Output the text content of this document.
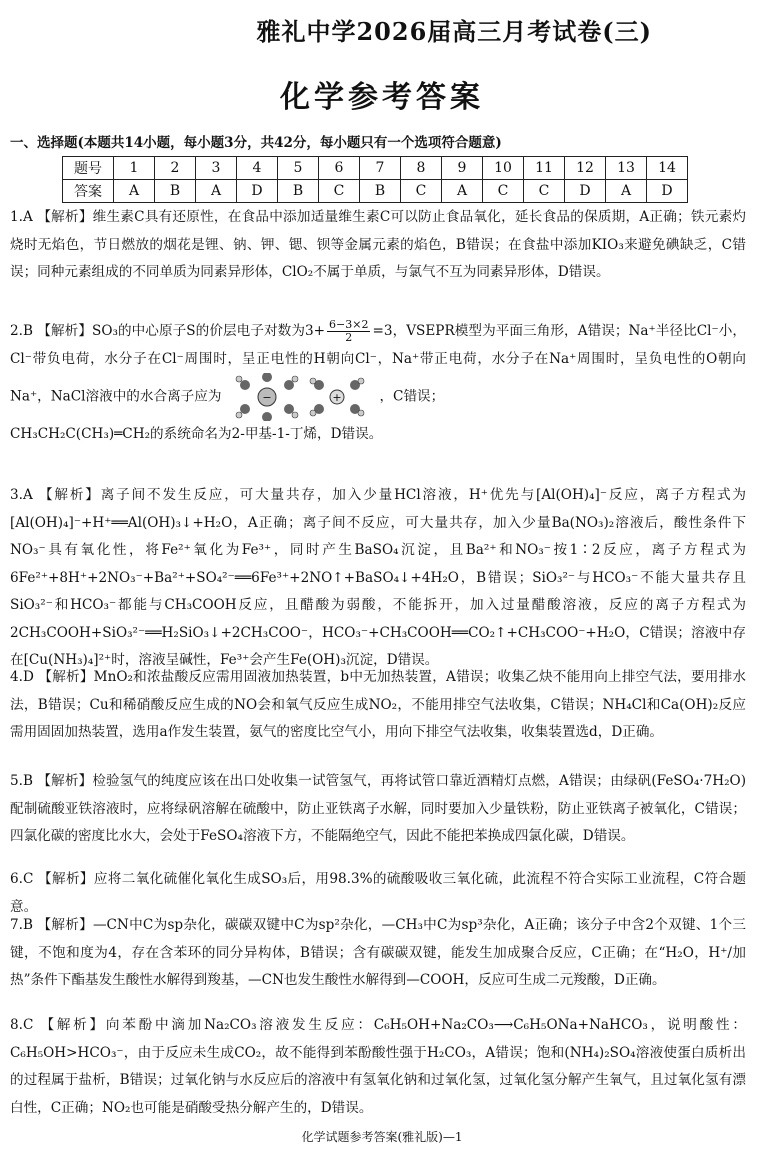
雅礼中学2026届高三月考试卷(三)
化学参考答案
一、选择题(本题共14小题，每小题3分，共42分，每小题只有一个选项符合题意)
题号	1	2	3	4	5	6	7	8	9	10	11	12	13	14
答案	A	B	A	D	B	C	B	C	A	C	C	D	A	D
1.A 【解析】维生素C具有还原性，在食品中添加适量维生素C可以防止食品氧化，延长食品的保质期，A正确；铁元素灼烧时无焰色，节日燃放的烟花是锂、钠、钾、锶、钡等金属元素的焰色，B错误；在食盐中添加KIO₃来避免碘缺乏，C错误；同种元素组成的不同单质为同素异形体，ClO₂不属于单质，与氯气不互为同素异形体，D错误。
2.B 【解析】SO₃的中心原子S的价层电子对数为$3+ \frac{6-3\times 2}{2} =3$，VSEPR模型为平面三角形，A错误；Na⁺半径比Cl⁻小，Cl⁻带负电荷，水分子在Cl⁻周围时，呈正电性的H朝向Cl⁻，Na⁺带正电荷，水分子在Na⁺周围时，呈负电性的O朝向Na⁺，NaCl溶液中的水合离子应为	−	+	，C错误；
CH₃CH₂C(CH₃)═CH₂的系统命名为2-甲基-1-丁烯，D错误。
3.A 【解析】离子间不发生反应，可大量共存，加入少量HCl溶液，H⁺优先与[Al(OH)₄]⁻反应，离子方程式为[Al(OH)₄]⁻+H⁺══Al(OH)₃↓+H₂O，A正确；离子间不反应，可大量共存，加入少量Ba(NO₃)₂溶液后，酸性条件下NO₃⁻具有氧化性，将Fe²⁺氧化为Fe³⁺，同时产生BaSO₄沉淀，且Ba²⁺和NO₃⁻按1∶2反应，离子方程式为6Fe²⁺+8H⁺+2NO₃⁻+Ba²⁺+SO₄²⁻══6Fe³⁺+2NO↑+BaSO₄↓+4H₂O，B错误；SiO₃²⁻与HCO₃⁻不能大量共存且SiO₃²⁻和HCO₃⁻都能与CH₃COOH反应，且醋酸为弱酸，不能拆开，加入过量醋酸溶液，反应的离子方程式为2CH₃COOH+SiO₃²⁻══H₂SiO₃↓+2CH₃COO⁻，HCO₃⁻+CH₃COOH══CO₂↑+CH₃COO⁻+H₂O，C错误；溶液中存在[Cu(NH₃)₄]²⁺时，溶液呈碱性，Fe³⁺会产生Fe(OH)₃沉淀，D错误。
4.D 【解析】MnO₂和浓盐酸反应需用固液加热装置，b中无加热装置，A错误；收集乙炔不能用向上排空气法，要用排水法，B错误；Cu和稀硝酸反应生成的NO会和氧气反应生成NO₂，不能用排空气法收集，C错误；NH₄Cl和Ca(OH)₂反应需用固固加热装置，选用a作发生装置，氨气的密度比空气小，用向下排空气法收集，收集装置选d，D正确。
5.B 【解析】检验氢气的纯度应该在出口处收集一试管氢气，再将试管口靠近酒精灯点燃，A错误；由绿矾(FeSO₄·7H₂O)配制硫酸亚铁溶液时，应将绿矾溶解在硫酸中，防止亚铁离子水解，同时要加入少量铁粉，防止亚铁离子被氧化，C错误；四氯化碳的密度比水大，会处于FeSO₄溶液下方，不能隔绝空气，因此不能把苯换成四氯化碳，D错误。
6.C 【解析】应将二氧化硫催化氧化生成SO₃后，用98.3%的硫酸吸收三氧化硫，此流程不符合实际工业流程，C符合题意。
7.B 【解析】—CN中C为sp杂化，碳碳双键中C为sp²杂化，—CH₃中C为sp³杂化，A正确；该分子中含2个双键、1个三键，不饱和度为4，存在含苯环的同分异构体，B错误；含有碳碳双键，能发生加成聚合反应，C正确；在“H₂O，H⁺/加热”条件下酯基发生酸性水解得到羧基，—CN也发生酸性水解得到—COOH，反应可生成二元羧酸，D正确。
8.C 【解析】向苯酚中滴加Na₂CO₃溶液发生反应：C₆H₅OH+Na₂CO₃⟶C₆H₅ONa+NaHCO₃，说明酸性：C₆H₅OH>HCO₃⁻，由于反应未生成CO₂，故不能得到苯酚酸性强于H₂CO₃，A错误；饱和(NH₄)₂SO₄溶液使蛋白质析出的过程属于盐析，B错误；过氧化钠与水反应后的溶液中有氢氧化钠和过氧化氢，过氧化氢分解产生氧气，且过氧化氢有漂白性，C正确；NO₂也可能是硝酸受热分解产生的，D错误。
化学试题参考答案(雅礼版)—1
